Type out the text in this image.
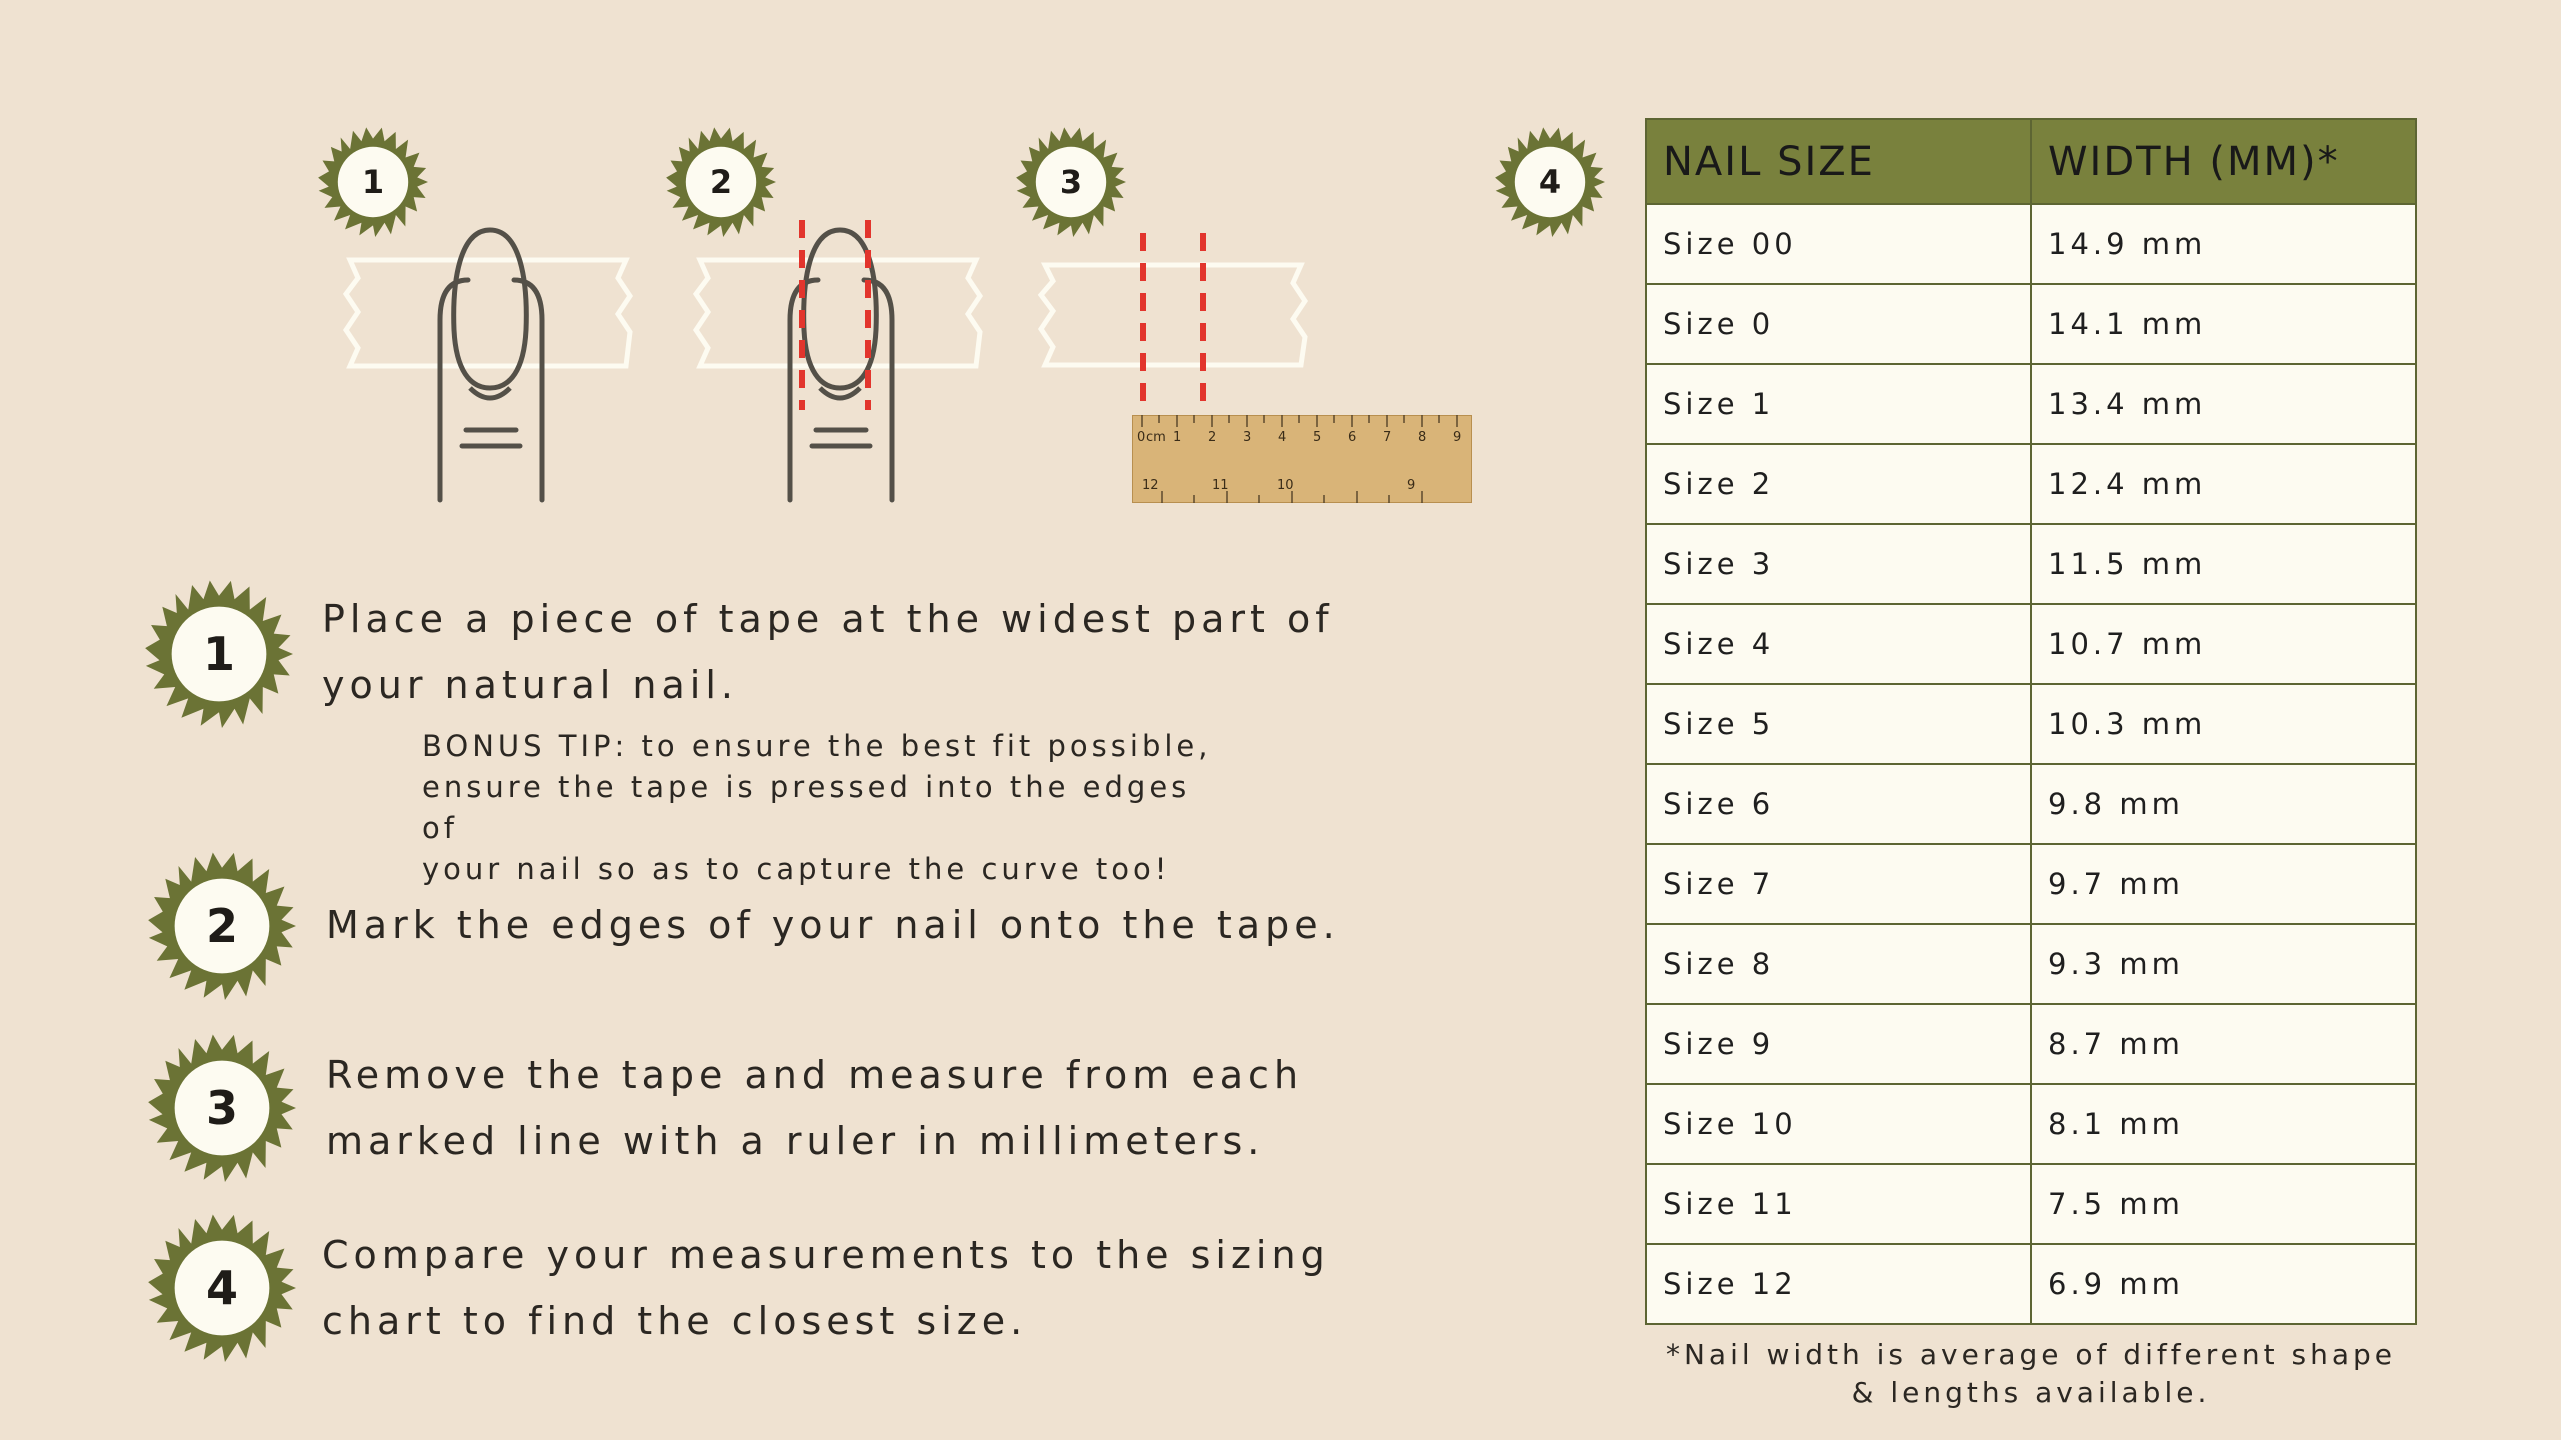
1	2	3	4
cm
0 1 2 3 4 5 6 7 8 9
12	11	10	9
1
Place a piece of tape at the widest part of
your natural nail.
BONUS TIP: to ensure the best fit possible,
ensure the tape is pressed into the edges of
your nail so as to capture the curve too!
2	Mark the edges of your nail onto the tape.
3
Remove the tape and measure from each
marked line with a ruler in millimeters.
4
Compare your measurements to the sizing
chart to find the closest size.
NAIL SIZE	WIDTH (MM)*
Size 00	14.9 mm
Size 0	14.1 mm
Size 1	13.4 mm
Size 2	12.4 mm
Size 3	11.5 mm
Size 4	10.7 mm
Size 5	10.3 mm
Size 6	9.8 mm
Size 7	9.7 mm
Size 8	9.3 mm
Size 9	8.7 mm
Size 10	8.1 mm
Size 11	7.5 mm
Size 12	6.9 mm
*Nail width is average of different shape
& lengths available.
